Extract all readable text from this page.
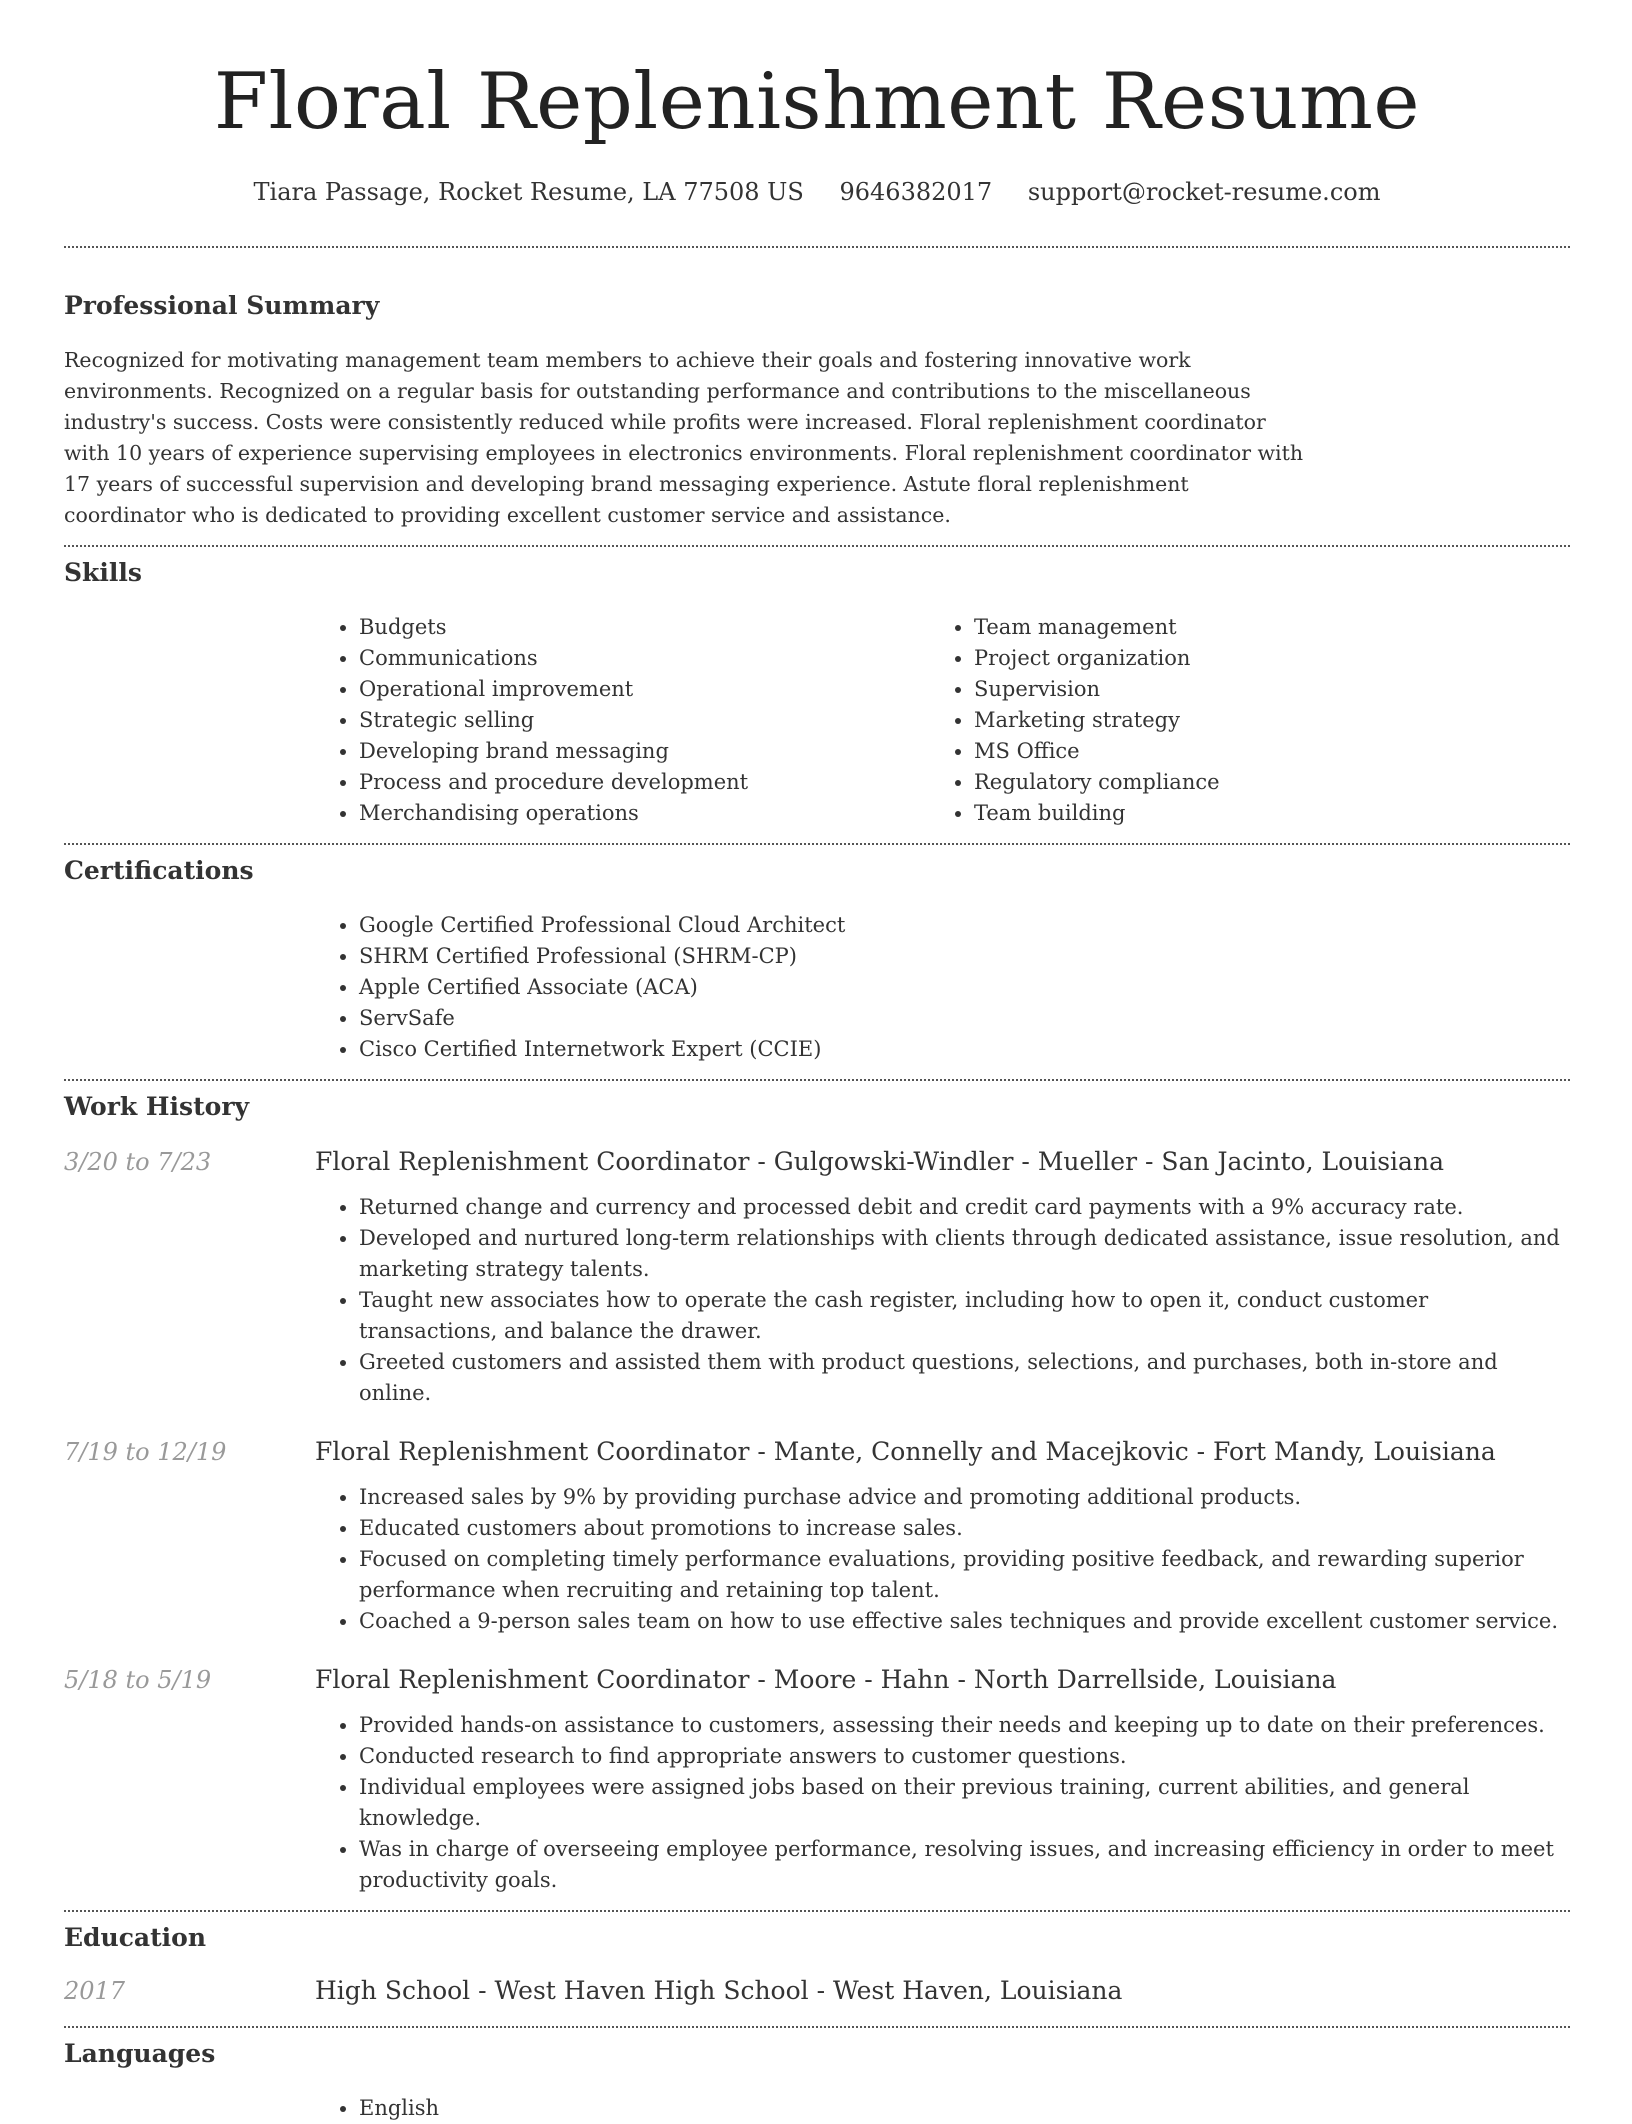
Floral Replenishment Resume
Tiara Passage, Rocket Resume, LA 77508 US 9646382017 support@rocket-resume.com
Professional Summary

Recognized for motivating management team members to achieve their goals and fostering innovative work environments. Recognized on a regular basis for outstanding performance and contributions to the miscellaneous industry's success. Costs were consistently reduced while profits were increased. Floral replenishment coordinator with 10 years of experience supervising employees in electronics environments. Floral replenishment coordinator with 17 years of successful supervision and developing brand messaging experience. Astute floral replenishment coordinator who is dedicated to providing excellent customer service and assistance.

Skills
• Budgets
• Communications
• Operational improvement
• Strategic selling
• Developing brand messaging
• Process and procedure development
• Merchandising operations
• Team management
• Project organization
• Supervision
• Marketing strategy
• MS Office
• Regulatory compliance
• Team building
Certifications
• Google Certified Professional Cloud Architect
• SHRM Certified Professional (SHRM-CP)
• Apple Certified Associate (ACA)
• ServSafe
• Cisco Certified Internetwork Expert (CCIE)
Work History
3/20 to 7/23	Floral Replenishment Coordinator - Gulgowski-Windler - Mueller - San Jacinto, Louisiana
• Returned change and currency and processed debit and credit card payments with a 9% accuracy rate.
• Developed and nurtured long-term relationships with clients through dedicated assistance, issue resolution, and marketing strategy talents.
• Taught new associates how to operate the cash register, including how to open it, conduct customer transactions, and balance the drawer.
• Greeted customers and assisted them with product questions, selections, and purchases, both in-store and online.
7/19 to 12/19	Floral Replenishment Coordinator - Mante, Connelly and Macejkovic - Fort Mandy, Louisiana
• Increased sales by 9% by providing purchase advice and promoting additional products.
• Educated customers about promotions to increase sales.
• Focused on completing timely performance evaluations, providing positive feedback, and rewarding superior performance when recruiting and retaining top talent.
• Coached a 9-person sales team on how to use effective sales techniques and provide excellent customer service.
5/18 to 5/19	Floral Replenishment Coordinator - Moore - Hahn - North Darrellside, Louisiana
• Provided hands-on assistance to customers, assessing their needs and keeping up to date on their preferences.
• Conducted research to find appropriate answers to customer questions.
• Individual employees were assigned jobs based on their previous training, current abilities, and general knowledge.
• Was in charge of overseeing employee performance, resolving issues, and increasing efficiency in order to meet productivity goals.
Education
2017	High School - West Haven High School - West Haven, Louisiana
Languages
• English
